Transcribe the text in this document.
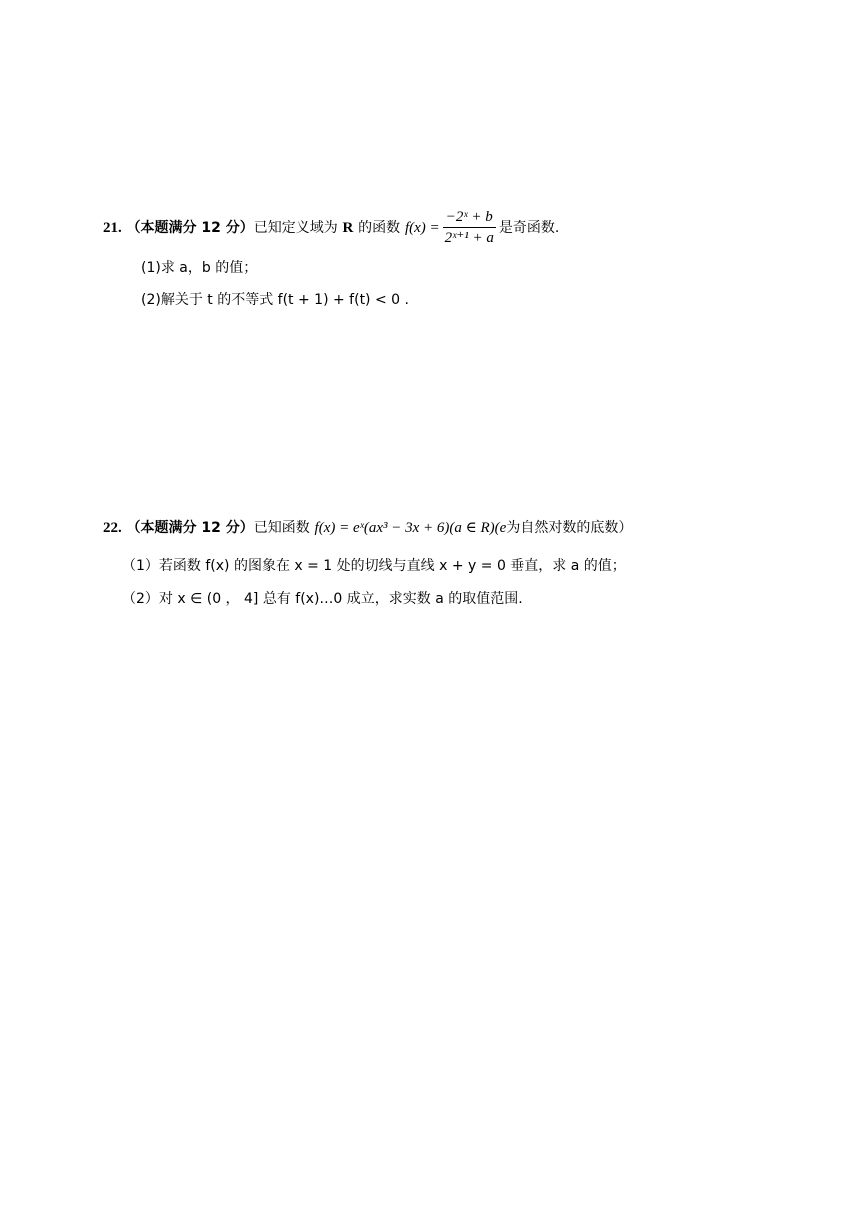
21. （本题满分 12 分）已知定义域为 R 的函数 $f(x) = \frac{\text{−2ˣ + b}}{\text{2ˣ⁺¹ + a}}$ 是奇函数.
(1)求 a，b 的值；
(2)解关于 t 的不等式 f(t + 1) + f(t) < 0 .
22. （本题满分 12 分）已知函数 f(x) = eˣ(ax³ − 3x + 6)(a ∈ R)(e为自然对数的底数）
（1）若函数 f(x) 的图象在 x = 1 处的切线与直线 x + y = 0 垂直，求 a 的值；
（2）对 x ∈ (0 ， 4] 总有 f(x)…0 成立，求实数 a 的取值范围.
